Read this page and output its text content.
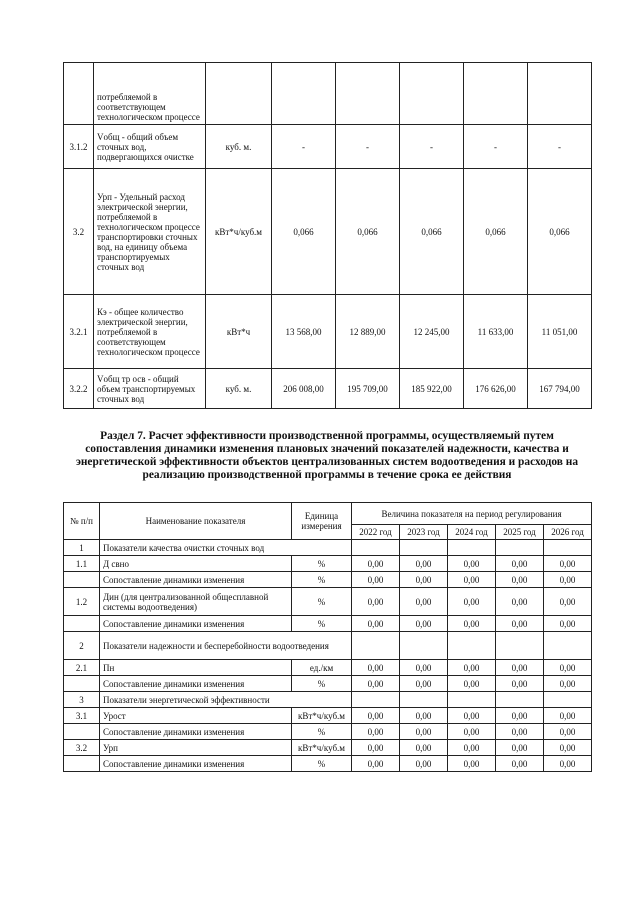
	потребляемой в соответствующем технологическом процессе						
3.1.2	Vобщ - общий объем сточных вод, подвергающихся очистке	куб. м.	-	-	-	-	-
3.2	Урп - Удельный расход электрической энергии, потребляемой в технологическом процессе транспортировки сточных вод, на единицу объема транспортируемых сточных вод	кВт*ч/куб.м	0,066	0,066	0,066	0,066	0,066
3.2.1	Кэ - общее количество электрической энергии, потребляемой в соответствующем технологическом процессе	кВт*ч	13 568,00	12 889,00	12 245,00	11 633,00	11 051,00
3.2.2	Vобщ тр осв - общий объем транспортируемых сточных вод	куб. м.	206 008,00	195 709,00	185 922,00	176 626,00	167 794,00
Раздел 7. Расчет эффективности производственной программы, осуществляемый путем сопоставления динамики изменения плановых значений показателей надежности, качества и энергетической эффективности объектов централизованных систем водоотведения и расходов на реализацию производственной программы в течение срока ее действия
№ п/п	Наименование показателя	Единица измерения	Величина показателя на период регулирования				
			2022 год	2023 год	2024 год	2025 год	2026 год
1	Показатели качества очистки сточных вод						
1.1	Д свно	%	0,00	0,00	0,00	0,00	0,00
	Сопоставление динамики изменения	%	0,00	0,00	0,00	0,00	0,00
1.2	Дин (для централизованной общесплавной системы водоотведения)	%	0,00	0,00	0,00	0,00	0,00
	Сопоставление динамики изменения	%	0,00	0,00	0,00	0,00	0,00
2	Показатели надежности и бесперебойности водоотведения						
2.1	Пн	ед./км	0,00	0,00	0,00	0,00	0,00
	Сопоставление динамики изменения	%	0,00	0,00	0,00	0,00	0,00
3	Показатели энергетической эффективности						
3.1	Урост	кВт*ч/куб.м	0,00	0,00	0,00	0,00	0,00
	Сопоставление динамики изменения	%	0,00	0,00	0,00	0,00	0,00
3.2	Урп	кВт*ч/куб.м	0,00	0,00	0,00	0,00	0,00
	Сопоставление динамики изменения	%	0,00	0,00	0,00	0,00	0,00
